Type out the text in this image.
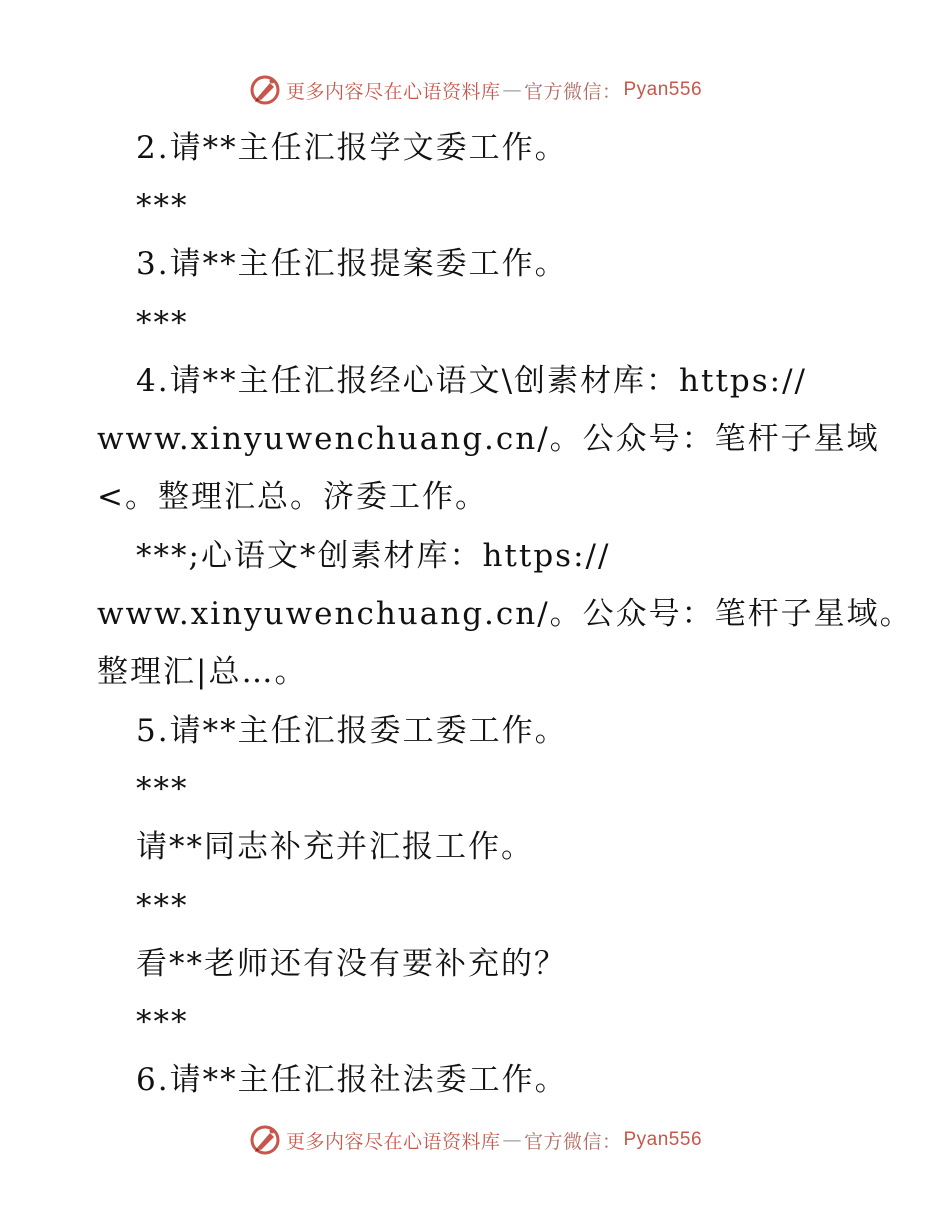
更多内容尽在心语资料库 — 官方微信： Pyan556
2.请**主任汇报学文委工作。
***
3.请**主任汇报提案委工作。
***
4.请**主任汇报经心语文\创素材库：https://
www.xinyuwenchuang.cn/。公众号：笔杆子星域
<。整理汇总。济委工作。
***;心语文*创素材库：https://
www.xinyuwenchuang.cn/。公众号：笔杆子星域。
整理汇|总…。
5.请**主任汇报委工委工作。
***
请**同志补充并汇报工作。
***
看**老师还有没有要补充的？
***
6.请**主任汇报社法委工作。
更多内容尽在心语资料库 — 官方微信： Pyan556
